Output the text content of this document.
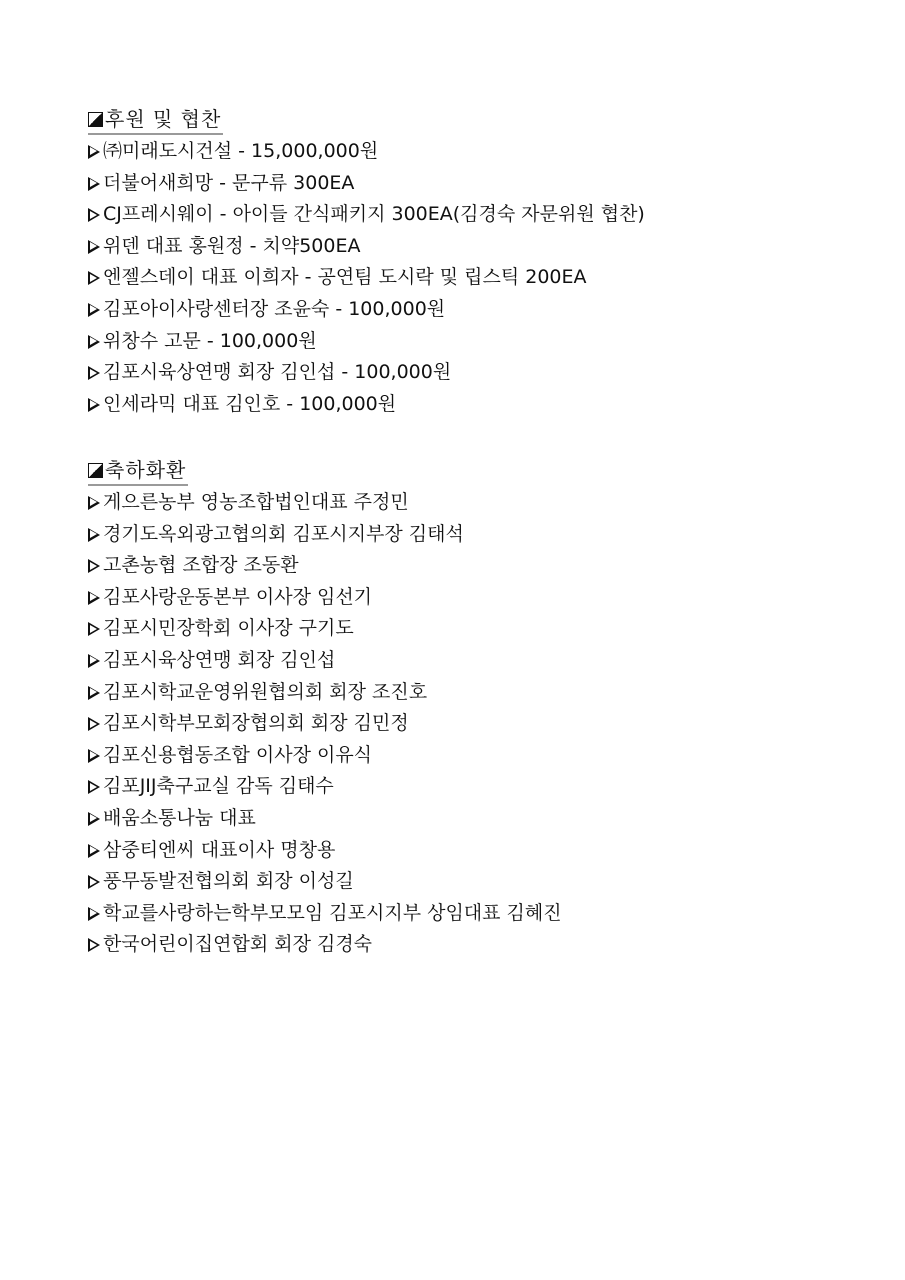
후원 및 협찬
㈜미래도시건설 - 15,000,000원
더불어새희망 - 문구류 300EA
CJ프레시웨이 - 아이들 간식패키지 300EA(김경숙 자문위원 협찬)
위덴 대표 홍원정 - 치약500EA
엔젤스데이 대표 이희자 - 공연팀 도시락 및 립스틱 200EA
김포아이사랑센터장 조윤숙 - 100,000원
위창수 고문 - 100,000원
김포시육상연맹 회장 김인섭 - 100,000원
인세라믹 대표 김인호 - 100,000원
축하화환
게으른농부 영농조합법인대표 주정민
경기도옥외광고협의회 김포시지부장 김태석
고촌농협 조합장 조동환
김포사랑운동본부 이사장 임선기
김포시민장학회 이사장 구기도
김포시육상연맹 회장 김인섭
김포시학교운영위원협의회 회장 조진호
김포시학부모회장협의회 회장 김민정
김포신용협동조합 이사장 이유식
김포JIJ축구교실 감독 김태수
배움소통나눔 대표
삼중티엔씨 대표이사 명창용
풍무동발전협의회 회장 이성길
학교를사랑하는학부모모임 김포시지부 상임대표 김혜진
한국어린이집연합회 회장 김경숙
